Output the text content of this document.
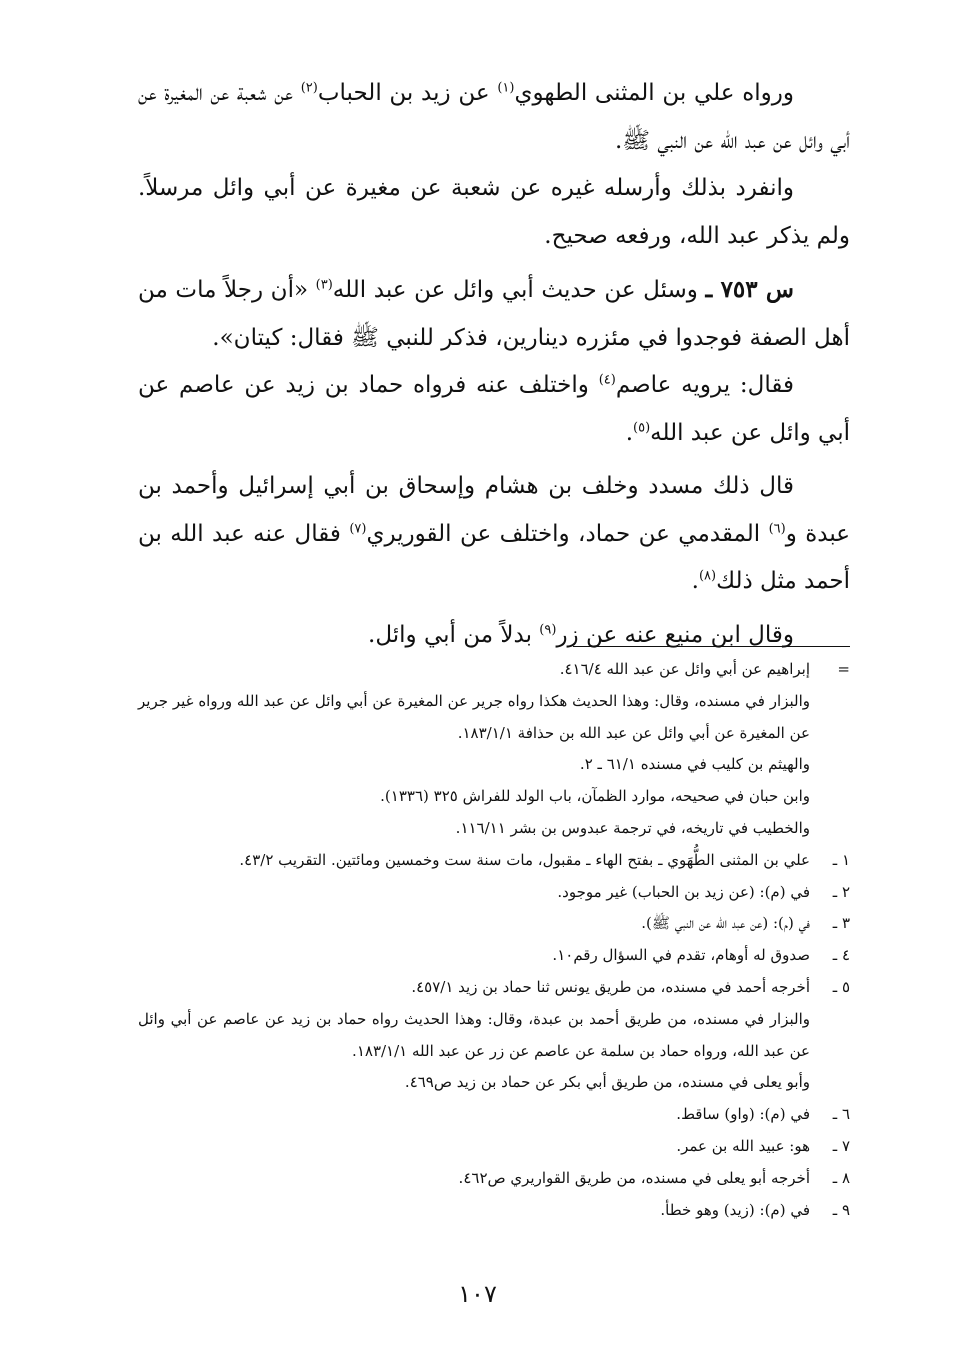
ورواه علي بن المثنى الطهوي$^{(١)}$ عن زيد بن الحباب$^{(٢)}$ عن شعبة عن المغيرة عن أبي وائل عن عبد الله عن النبي ﷺ.

وانفرد بذلك وأرسله غيره عن شعبة عن مغيرة عن أبي وائل مرسلاً. ولم يذكر عبد الله، ورفعه صحيح.

س ٧٥٣ ـ وسئل عن حديث أبي وائل عن عبد الله$^{(٣)}$ «أن رجلاً مات من أهل الصفة فوجدوا في مئزره دينارين، فذكر للنبي ﷺ فقال: كيتان».

فقال: يرويه عاصم$^{(٤)}$ واختلف عنه فرواه حماد بن زيد عن عاصم عن أبي وائل عن عبد الله$^{(٥)}$.

قال ذلك مسدد وخلف بن هشام وإسحاق بن أبي إسرائيل وأحمد بن عبدة و$^{(٦)}$ المقدمي عن حماد، واختلف عن القوريري$^{(٧)}$ فقال عنه عبد الله بن أحمد مثل ذلك$^{(٨)}$.

وقال ابن منيع عنه عن زر$^{(٩)}$ بدلاً من أبي وائل.

=
إبراهيم عن أبي وائل عن عبد الله ٤١٦/٤.
والبزار في مسنده، وقال: وهذا الحديث هكذا رواه جرير عن المغيرة عن أبي وائل عن عبد الله ورواه غير جرير عن المغيرة عن أبي وائل عن عبد الله بن حذافة ١٨٣/١/١.
والهيثم بن كليب في مسنده ٦١/١ ـ ٢.
وابن حبان في صحيحه، موارد الظمآن، باب الولد للفراش ٣٢٥ (١٣٣٦).
والخطيب في تاريخه، في ترجمة عبدوس بن بشر ١١٦/١١.
١ ـ
علي بن المثنى الطُّهَوي ـ بفتح الهاء ـ مقبول، مات سنة ست وخمسين ومائتين. التقريب ٤٣/٢.
٢ ـ
في (م): (عن زيد بن الحباب) غير موجود.
٣ ـ
في (م): (عن عبد الله عن النبي ﷺ).
٤ ـ
صدوق له أوهام، تقدم في السؤال رقم١٠.
٥ ـ
أخرجه أحمد في مسنده، من طريق يونس ثنا حماد بن زيد ٤٥٧/١.
والبزار في مسنده، من طريق أحمد بن عبدة، وقال: وهذا الحديث رواه حماد بن زيد عن عاصم عن أبي وائل عن عبد الله، ورواه حماد بن سلمة عن عاصم عن زر عن عبد الله ١٨٣/١/١.
وأبو يعلى في مسنده، من طريق أبي بكر عن حماد بن زيد ص٤٦٩.
٦ ـ
في (م): (واو) ساقط.
٧ ـ
هو: عبيد الله بن عمر.
٨ ـ
أخرجه أبو يعلى في مسنده، من طريق القواريري ص٤٦٢.
٩ ـ
في (م): (زيد) وهو خطأ.
١٠٧
